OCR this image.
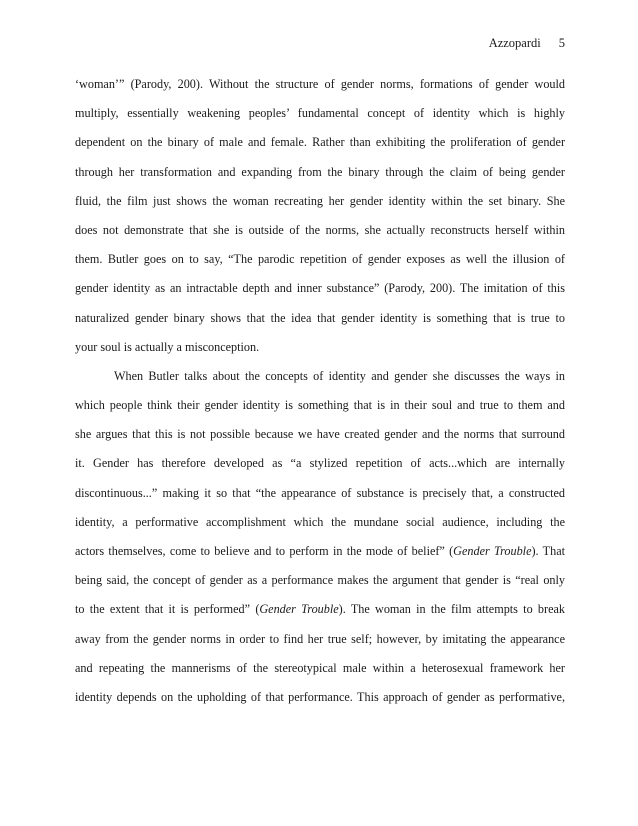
Azzopardi 5
‘woman’” (Parody, 200). Without the structure of gender norms, formations of gender would
multiply, essentially weakening peoples’ fundamental concept of identity which is highly
dependent on the binary of male and female. Rather than exhibiting the proliferation of gender
through her transformation and expanding from the binary through the claim of being gender
fluid, the film just shows the woman recreating her gender identity within the set binary. She
does not demonstrate that she is outside of the norms, she actually reconstructs herself within
them. Butler goes on to say, “The parodic repetition of gender exposes as well the illusion of
gender identity as an intractable depth and inner substance” (Parody, 200). The imitation of this
naturalized gender binary shows that the idea that gender identity is something that is true to
your soul is actually a misconception.
When Butler talks about the concepts of identity and gender she discusses the ways in
which people think their gender identity is something that is in their soul and true to them and
she argues that this is not possible because we have created gender and the norms that surround
it. Gender has therefore developed as “a stylized repetition of acts...which are internally
discontinuous...” making it so that “the appearance of substance is precisely that, a constructed
identity, a performative accomplishment which the mundane social audience, including the
actors themselves, come to believe and to perform in the mode of belief” (Gender Trouble). That
being said, the concept of gender as a performance makes the argument that gender is “real only
to the extent that it is performed” (Gender Trouble). The woman in the film attempts to break
away from the gender norms in order to find her true self; however, by imitating the appearance
and repeating the mannerisms of the stereotypical male within a heterosexual framework her
identity depends on the upholding of that performance. This approach of gender as performative,
